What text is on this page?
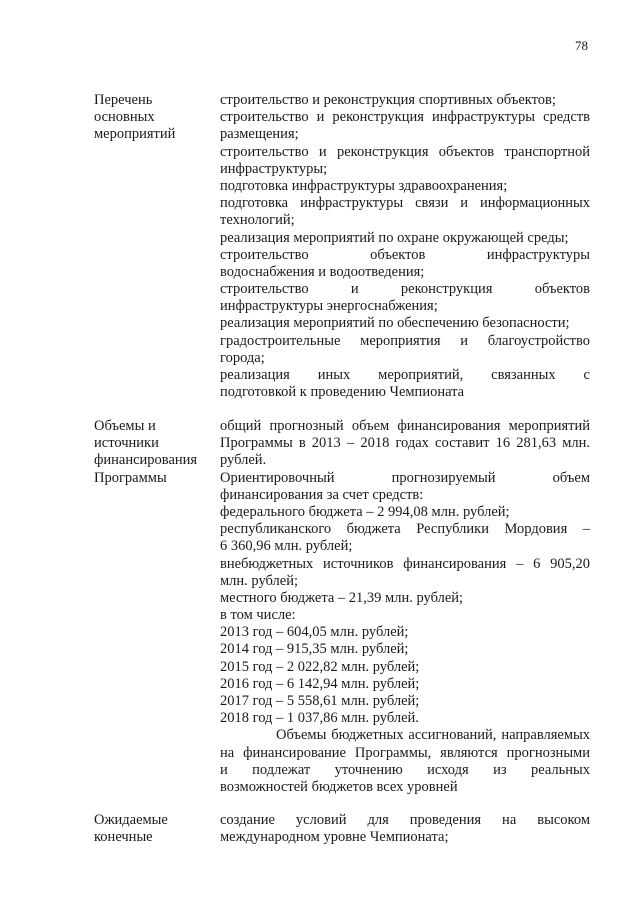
78
Перечень
основных
мероприятий
строительство и реконструкция спортивных объектов;
строительство и реконструкция инфраструктуры средств
размещения;
строительство и реконструкция объектов транспортной
инфраструктуры;
подготовка инфраструктуры здравоохранения;
подготовка инфраструктуры связи и информационных
технологий;
реализация мероприятий по охране окружающей среды;
строительство объектов инфраструктуры
водоснабжения и водоотведения;
строительство и реконструкция объектов
инфраструктуры энергоснабжения;
реализация мероприятий по обеспечению безопасности;
градостроительные мероприятия и благоустройство
города;
реализация иных мероприятий, связанных с
подготовкой к проведению Чемпионата
Объемы и
источники
финансирования
Программы
общий прогнозный объем финансирования мероприятий
Программы в 2013 – 2018 годах составит 16 281,63 млн.
рублей.
Ориентировочный прогнозируемый объем
финансирования за счет средств:
федерального бюджета – 2 994,08 млн. рублей;
республиканского бюджета Республики Мордовия –
6 360,96 млн. рублей;
внебюджетных источников финансирования – 6 905,20
млн. рублей;
местного бюджета – 21,39 млн. рублей;
в том числе:
2013 год – 604,05 млн. рублей;
2014 год – 915,35 млн. рублей;
2015 год – 2 022,82 млн. рублей;
2016 год – 6 142,94 млн. рублей;
2017 год – 5 558,61 млн. рублей;
2018 год – 1 037,86 млн. рублей.
Объемы бюджетных ассигнований, направляемых
на финансирование Программы, являются прогнозными
и подлежат уточнению исходя из реальных
возможностей бюджетов всех уровней
Ожидаемые
конечные
создание условий для проведения на высоком
международном уровне Чемпионата;
